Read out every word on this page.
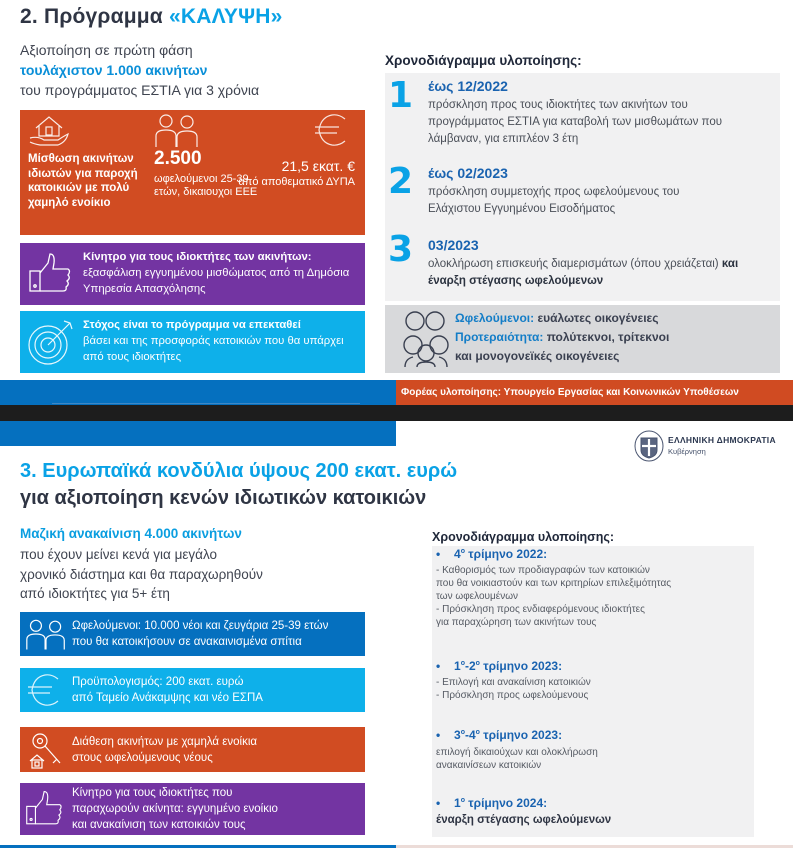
2. Πρόγραμμα «ΚΑΛΥΨΗ»
Αξιοποίηση σε πρώτη φάση
τουλάχιστον 1.000 ακινήτων
του προγράμματος ΕΣΤΙΑ για 3 χρόνια
Μίσθωση ακινήτων ιδιωτών για παροχή κατοικιών με πολύ χαμηλό ενοίκιο
2.500
ωφελούμενοι 25-39 ετών, δικαιουχοι ΕΕΕ
21,5 εκατ. €
από αποθεματικό ΔΥΠΑ
Κίνητρο για τους ιδιοκτήτες των ακινήτων:
εξασφάλιση εγγυημένου μισθώματος από τη Δημόσια Υπηρεσία Απασχόλησης
Στόχος είναι το πρόγραμμα να επεκταθεί
βάσει και της προσφοράς κατοικιών που θα υπάρχει από τους ιδιοκτήτες
Χρονοδιάγραμμα υλοποίησης:
1 έως 12/2022
πρόσκληση προς τους ιδιοκτήτες των ακινήτων του προγράμματος ΕΣΤΙΑ για καταβολή των μισθωμάτων που λάμβαναν, για επιπλέον 3 έτη
2 έως 02/2023
πρόσκληση συμμετοχής προς ωφελούμενους του Ελάχιστου Εγγυημένου Εισοδήματος
3 03/2023
ολοκλήρωση επισκευής διαμερισμάτων (όπου χρειάζεται) και έναρξη στέγασης ωφελούμενων
Ωφελούμενοι: ευάλωτες οικογένειες
Προτεραιότητα: πολύτεκνοι, τρίτεκνοι
και μονογονεϊκές οικογένειες
Φορέας υλοποίησης: Υπουργείο Εργασίας και Κοινωνικών Υποθέσεων
ΕΛΛΗΝΙΚΗ ΔΗΜΟΚΡΑΤΙΑ
Κυβέρνηση
3. Ευρωπαϊκά κονδύλια ύψους 200 εκατ. ευρώ
για αξιοποίηση κενών ιδιωτικών κατοικιών
Μαζική ανακαίνιση 4.000 ακινήτων
που έχουν μείνει κενά για μεγάλο
χρονικό διάστημα και θα παραχωρηθούν
από ιδιοκτήτες για 5+ έτη
Ωφελούμενοι: 10.000 νέοι και ζευγάρια 25-39 ετών
που θα κατοικήσουν σε ανακαινισμένα σπίτια
Προϋπολογισμός: 200 εκατ. ευρώ
από Ταμείο Ανάκαμψης και νέο ΕΣΠΑ
Διάθεση ακινήτων με χαμηλά ενοίκια
στους ωφελούμενους νέους
Κίνητρο για τους ιδιοκτήτες που
παραχωρούν ακίνητα: εγγυημένο ενοίκιο
και ανακαίνιση των κατοικιών τους
Χρονοδιάγραμμα υλοποίησης:
• $4^o$ τρίμηνο 2022:
- Καθορισμός των προδιαγραφών των κατοικιών
που θα νοικιαστούν και των κριτηρίων επιλεξιμότητας
των ωφελουμένων
- Πρόσκληση προς ενδιαφερόμενους ιδιοκτήτες
για παραχώρηση των ακινήτων τους
• $1^o-2^o$ τρίμηνο 2023:
- Επιλογή και ανακαίνιση κατοικιών
- Πρόσκληση προς ωφελούμενους
• $3^o-4^o$ τρίμηνο 2023:
επιλογή δικαιούχων και ολοκλήρωση
ανακαινίσεων κατοικιών
• $1^o$ τρίμηνο 2024:
έναρξη στέγασης ωφελούμενων
